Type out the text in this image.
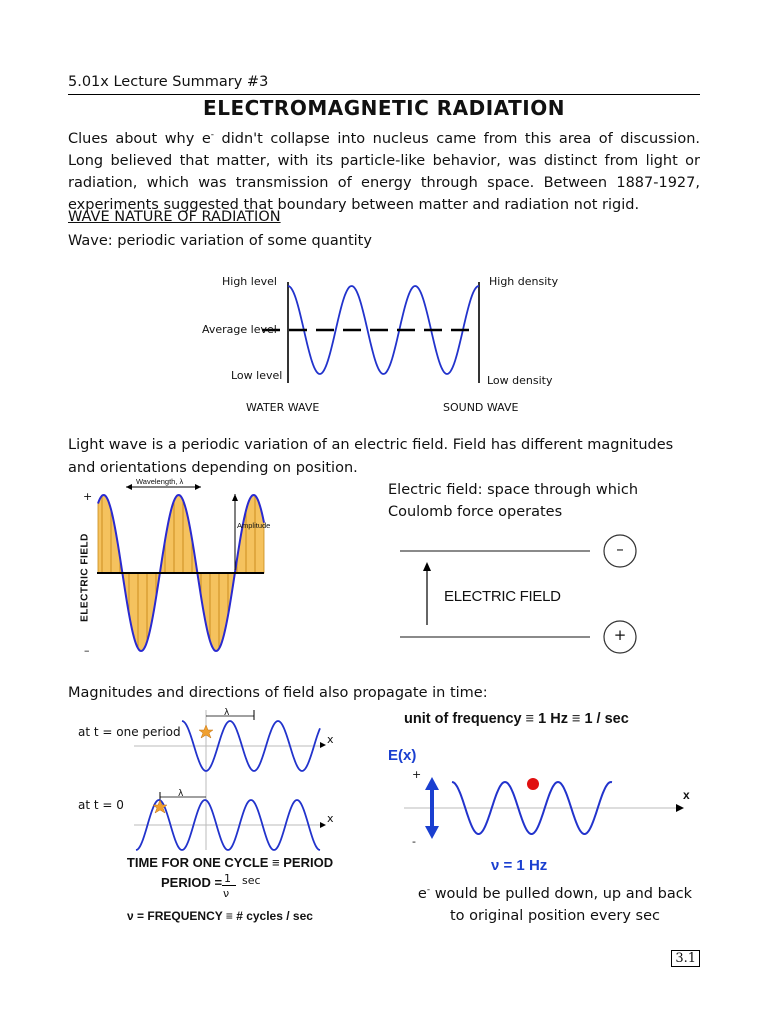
5.01x Lecture Summary #3
ELECTROMAGNETIC RADIATION
Clues about why e- didn't collapse into nucleus came from this area of discussion. Long believed that matter, with its particle-like behavior, was distinct from light or radiation, which was transmission of energy through space. Between 1887-1927, experiments suggested that boundary between matter and radiation not rigid.
WAVE NATURE OF RADIATION
Wave: periodic variation of some quantity
High level
Average level
Low level
High density
Low density
WATER WAVE	SOUND WAVE
Light wave is a periodic variation of an electric field. Field has different magnitudes and orientations depending on position.
Wavelength, λ
Amplitude
+
–
ELECTRIC FIELD
Electric field: space through which Coulomb force operates
–
+
ELECTRIC FIELD
Magnitudes and directions of field also propagate in time:
at t = one period
at t = 0
λ
λ
x
x
TIME FOR ONE CYCLE ≡ PERIOD
PERIOD = 1
ν
sec
ν = FREQUENCY ≡ # cycles / sec
unit of frequency ≡ 1 Hz ≡ 1 / sec
E(x)
+
-
x
ν = 1 Hz
e- would be pulled down, up and back to original position every sec
3.1
